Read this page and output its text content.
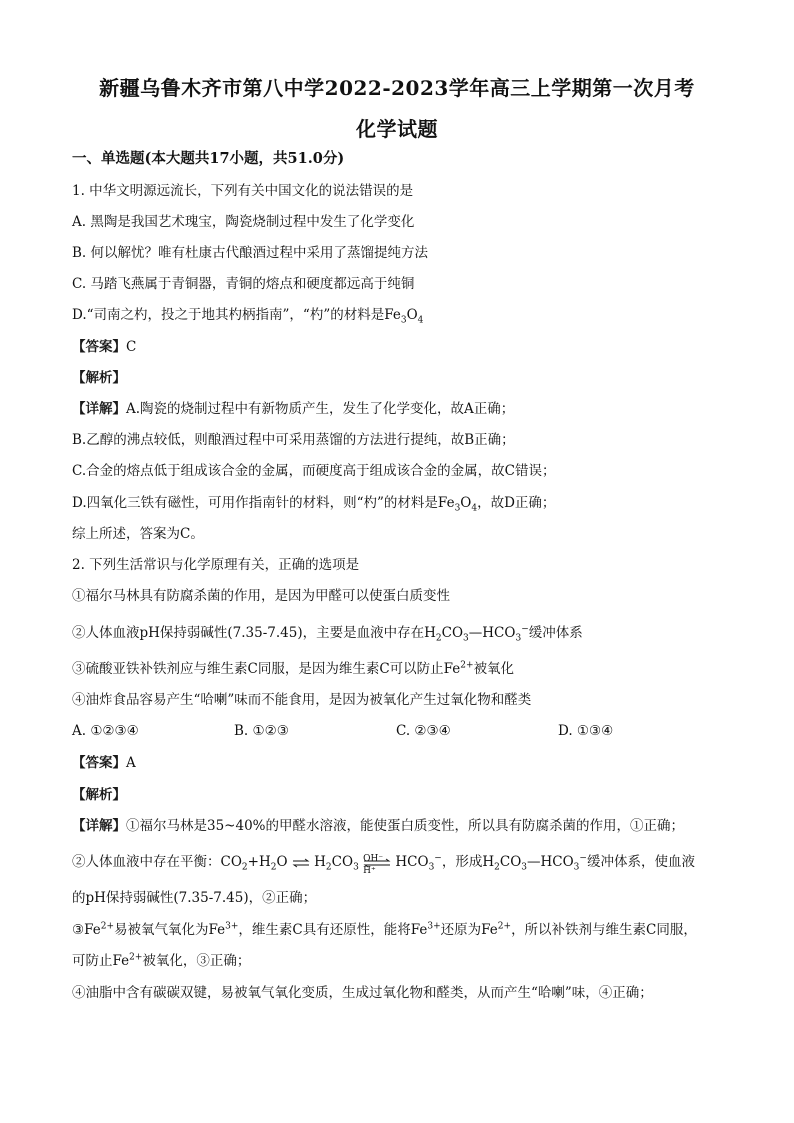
新疆乌鲁木齐市第八中学2022-2023学年高三上学期第一次月考
化学试题
一、单选题(本大题共17小题，共51.0分)
1. 中华文明源远流长，下列有关中国文化的说法错误的是
A. 黑陶是我国艺术瑰宝，陶瓷烧制过程中发生了化学变化
B. 何以解忧？唯有杜康古代酿酒过程中采用了蒸馏提纯方法
C. 马踏飞燕属于青铜器，青铜的熔点和硬度都远高于纯铜
D.“司南之杓，投之于地其杓柄指南”，“杓”的材料是$Fe_3O_4$
【答案】C
【解析】
【详解】A.陶瓷的烧制过程中有新物质产生，发生了化学变化，故A正确；
B.乙醇的沸点较低，则酿酒过程中可采用蒸馏的方法进行提纯，故B正确；
C.合金的熔点低于组成该合金的金属，而硬度高于组成该合金的金属，故C错误；
D.四氧化三铁有磁性，可用作指南针的材料，则“杓”的材料是$Fe_3O_4$，故D正确；
综上所述，答案为C。
2. 下列生活常识与化学原理有关，正确的选项是
①福尔马林具有防腐杀菌的作用，是因为甲醛可以使蛋白质变性
②人体血液pH保持弱碱性(7.35-7.45)，主要是血液中存在$H_2CO_3—HCO_3^-$缓冲体系
③硫酸亚铁补铁剂应与维生素C同服，是因为维生素C可以防止$Fe^{2+}$被氧化
④油炸食品容易产生“哈喇”味而不能食用，是因为被氧化产生过氧化物和醛类
A. ①②③④	B. ①②③	C. ②③④	D. ①③④
【答案】A
【解析】
【详解】①福尔马林是35~40%的甲醛水溶液，能使蛋白质变性，所以具有防腐杀菌的作用，①正确；
②人体血液中存在平衡：$CO_2+H_2O$ ⇌ $H_2CO_3$
OH⁻
H⁺
$HCO_3^-$，形成$H_2CO_3—HCO_3^-$缓冲体系，使血液
的pH保持弱碱性(7.35-7.45)，②正确；
$③Fe^{2+}$易被氧气氧化为$Fe^{3+}$，维生素C具有还原性，能将$Fe^{3+}$还原为$Fe^{2+}$，所以补铁剂与维生素C同服，
可防止$Fe^{2+}$被氧化，③正确；
④油脂中含有碳碳双键，易被氧气氧化变质，生成过氧化物和醛类，从而产生“哈喇”味，④正确；
